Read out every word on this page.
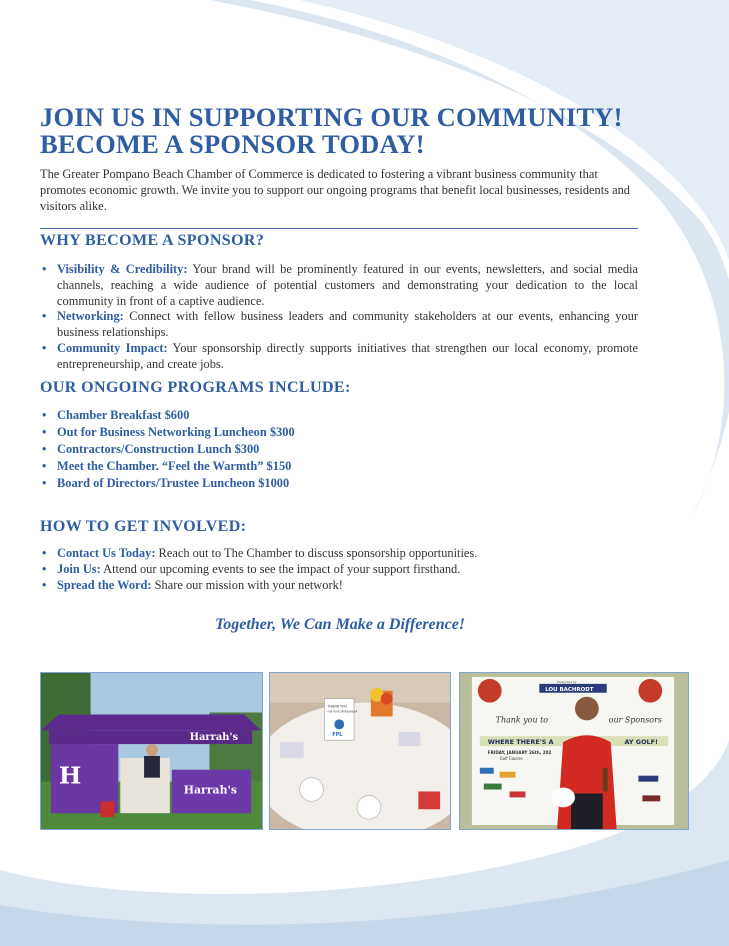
JOIN US IN SUPPORTING OUR COMMUNITY!
BECOME A SPONSOR TODAY!

The Greater Pompano Beach Chamber of Commerce is dedicated to fostering a vibrant business community that promotes economic growth. We invite you to support our ongoing programs that benefit local businesses, residents and visitors alike.

WHY BECOME A SPONSOR?
• Visibility & Credibility: Your brand will be prominently featured in our events, newsletters, and social media channels, reaching a wide audience of potential customers and demonstrating your dedication to the local community in front of a captive audience.
• Networking: Connect with fellow business leaders and community stakeholders at our events, enhancing your business relationships.
• Community Impact: Your sponsorship directly supports initiatives that strengthen our local economy, promote entrepreneurship, and create jobs.
OUR ONGOING PROGRAMS INCLUDE:
• Chamber Breakfast $600
• Out for Business Networking Luncheon $300
• Contractors/Construction Lunch $300
• Meet the Chamber. “Feel the Warmth” $150
• Board of Directors/Trustee Luncheon $1000
HOW TO GET INVOLVED:
• Contact Us Today: Reach out to The Chamber to discuss sponsorship opportunities.
• Join Us: Attend our upcoming events to see the impact of your support firsthand.
• Spread the Word: Share our mission with your network!

Together, We Can Make a Difference!

Harrah's
Harrah's
H
THANK YOU
FOR YOUR SPONSORSHIP
FPL
Presented by
LOU BACHRODT
Thank you to	our Sponsors
WHERE THERE'S A	AY GOLF!
FRIDAY, JANUARY 26th, 202
Golf Course
